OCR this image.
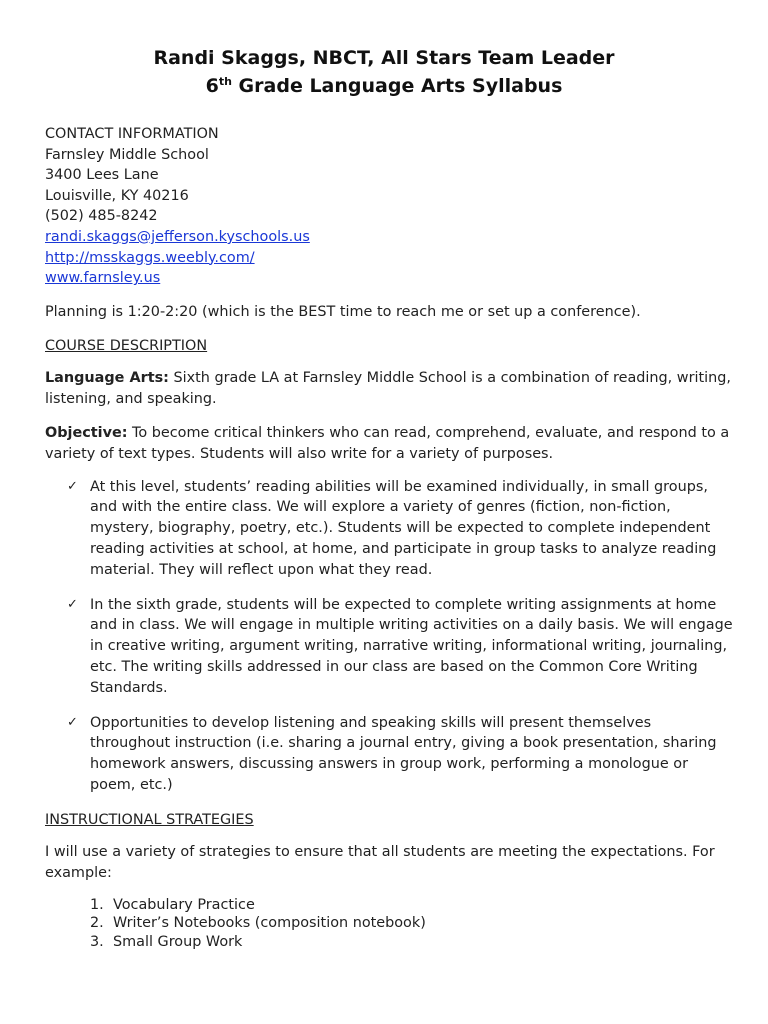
Randi Skaggs, NBCT, All Stars Team Leader
6th Grade Language Arts Syllabus
CONTACT INFORMATION
Farnsley Middle School
3400 Lees Lane
Louisville, KY 40216
(502) 485-8242
randi.skaggs@jefferson.kyschools.us
http://msskaggs.weebly.com/
www.farnsley.us

Planning is 1:20-2:20 (which is the BEST time to reach me or set up a conference).

COURSE DESCRIPTION

Language Arts: Sixth grade LA at Farnsley Middle School is a combination of reading, writing, listening, and speaking.

Objective: To become critical thinkers who can read, comprehend, evaluate, and respond to a variety of text types. Students will also write for a variety of purposes.

✓ At this level, students’ reading abilities will be examined individually, in small groups, and with the entire class. We will explore a variety of genres (fiction, non-fiction, mystery, biography, poetry, etc.). Students will be expected to complete independent reading activities at school, at home, and participate in group tasks to analyze reading material. They will reflect upon what they read.
✓ In the sixth grade, students will be expected to complete writing assignments at home and in class. We will engage in multiple writing activities on a daily basis. We will engage in creative writing, argument writing, narrative writing, informational writing, journaling, etc. The writing skills addressed in our class are based on the Common Core Writing Standards.
✓ Opportunities to develop listening and speaking skills will present themselves throughout instruction (i.e. sharing a journal entry, giving a book presentation, sharing homework answers, discussing answers in group work, performing a monologue or poem, etc.)
INSTRUCTIONAL STRATEGIES

I will use a variety of strategies to ensure that all students are meeting the expectations. For example:

1. Vocabulary Practice
2. Writer’s Notebooks (composition notebook)
3. Small Group Work
